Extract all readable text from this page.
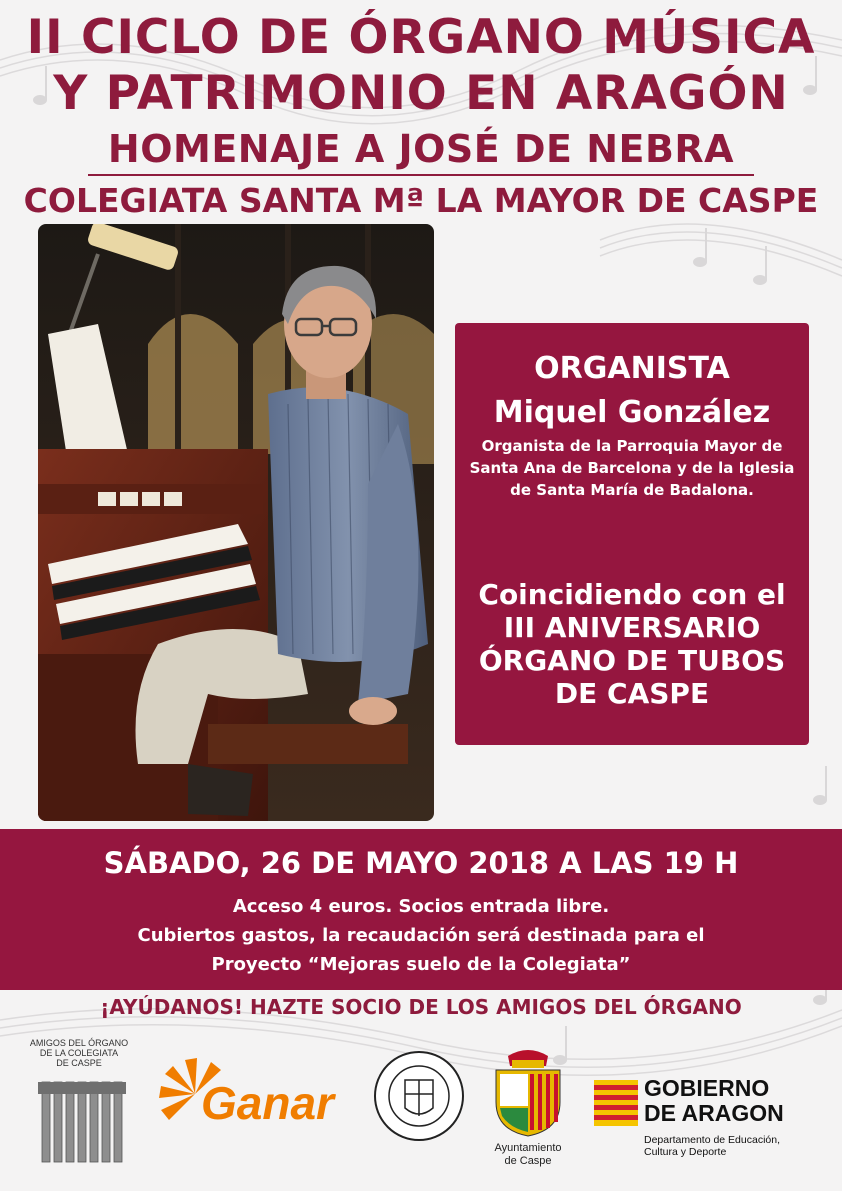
II CICLO DE ÓRGANO MÚSICA
Y PATRIMONIO EN ARAGÓN
HOMENAJE A JOSÉ DE NEBRA
COLEGIATA SANTA Mª LA MAYOR DE CASPE
ORGANISTA
Miquel González
Organista de la Parroquia Mayor de Santa Ana de Barcelona y de la Iglesia de Santa María de Badalona.
Coincidiendo con el III ANIVERSARIO ÓRGANO DE TUBOS DE CASPE
SÁBADO, 26 DE MAYO 2018 A LAS 19 H
Acceso 4 euros. Socios entrada libre.
Cubiertos gastos, la recaudación será destinada para el
Proyecto “Mejoras suelo de la Colegiata”
¡AYÚDANOS! HAZTE SOCIO DE LOS AMIGOS DEL ÓRGANO
AMIGOS DEL ÓRGANO
DE LA COLEGIATA
DE CASPE
Ganar
Ayuntamiento
de Caspe
GOBIERNO
DE ARAGON
Departamento de Educación,
Cultura y Deporte
